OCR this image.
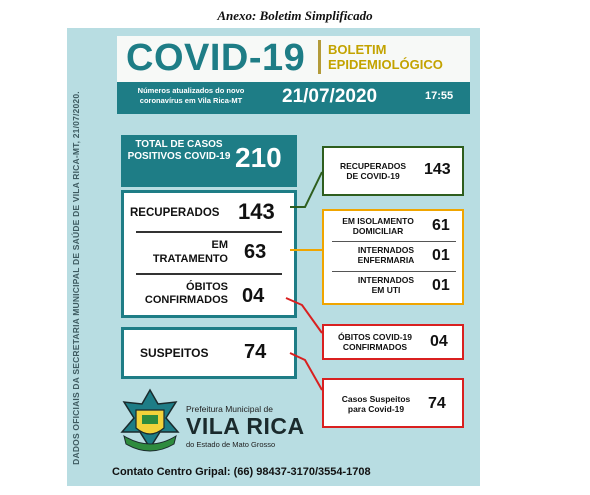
Anexo: Boletim Simplificado
DADOS OFICIAIS DA SECRETARIA MUNICIPAL DE SAÚDE DE VILA RICA-MT, 21/07/2020.
COVID-19 BOLETIM
EPIDEMIOLÓGICO
Números atualizados do novo coronavírus em Vila Rica-MT	21/07/2020	17:55
TOTAL DE CASOS POSITIVOS COVID-19 210
RECUPERADOS 143
EM
TRATAMENTO 63
ÓBITOS
CONFIRMADOS 04
SUSPEITOS 74
RECUPERADOS
DE COVID-19	143
EM ISOLAMENTO
DOMICILIAR	61
INTERNADOS
ENFERMARIA	01
INTERNADOS
EM UTI	01
ÓBITOS COVID-19
CONFIRMADOS	04
Casos Suspeitos
para Covid-19	74
Prefeitura Municipal de
VILA RICA
do Estado de Mato Grosso
Contato Centro Gripal: (66) 98437-3170/3554-1708
